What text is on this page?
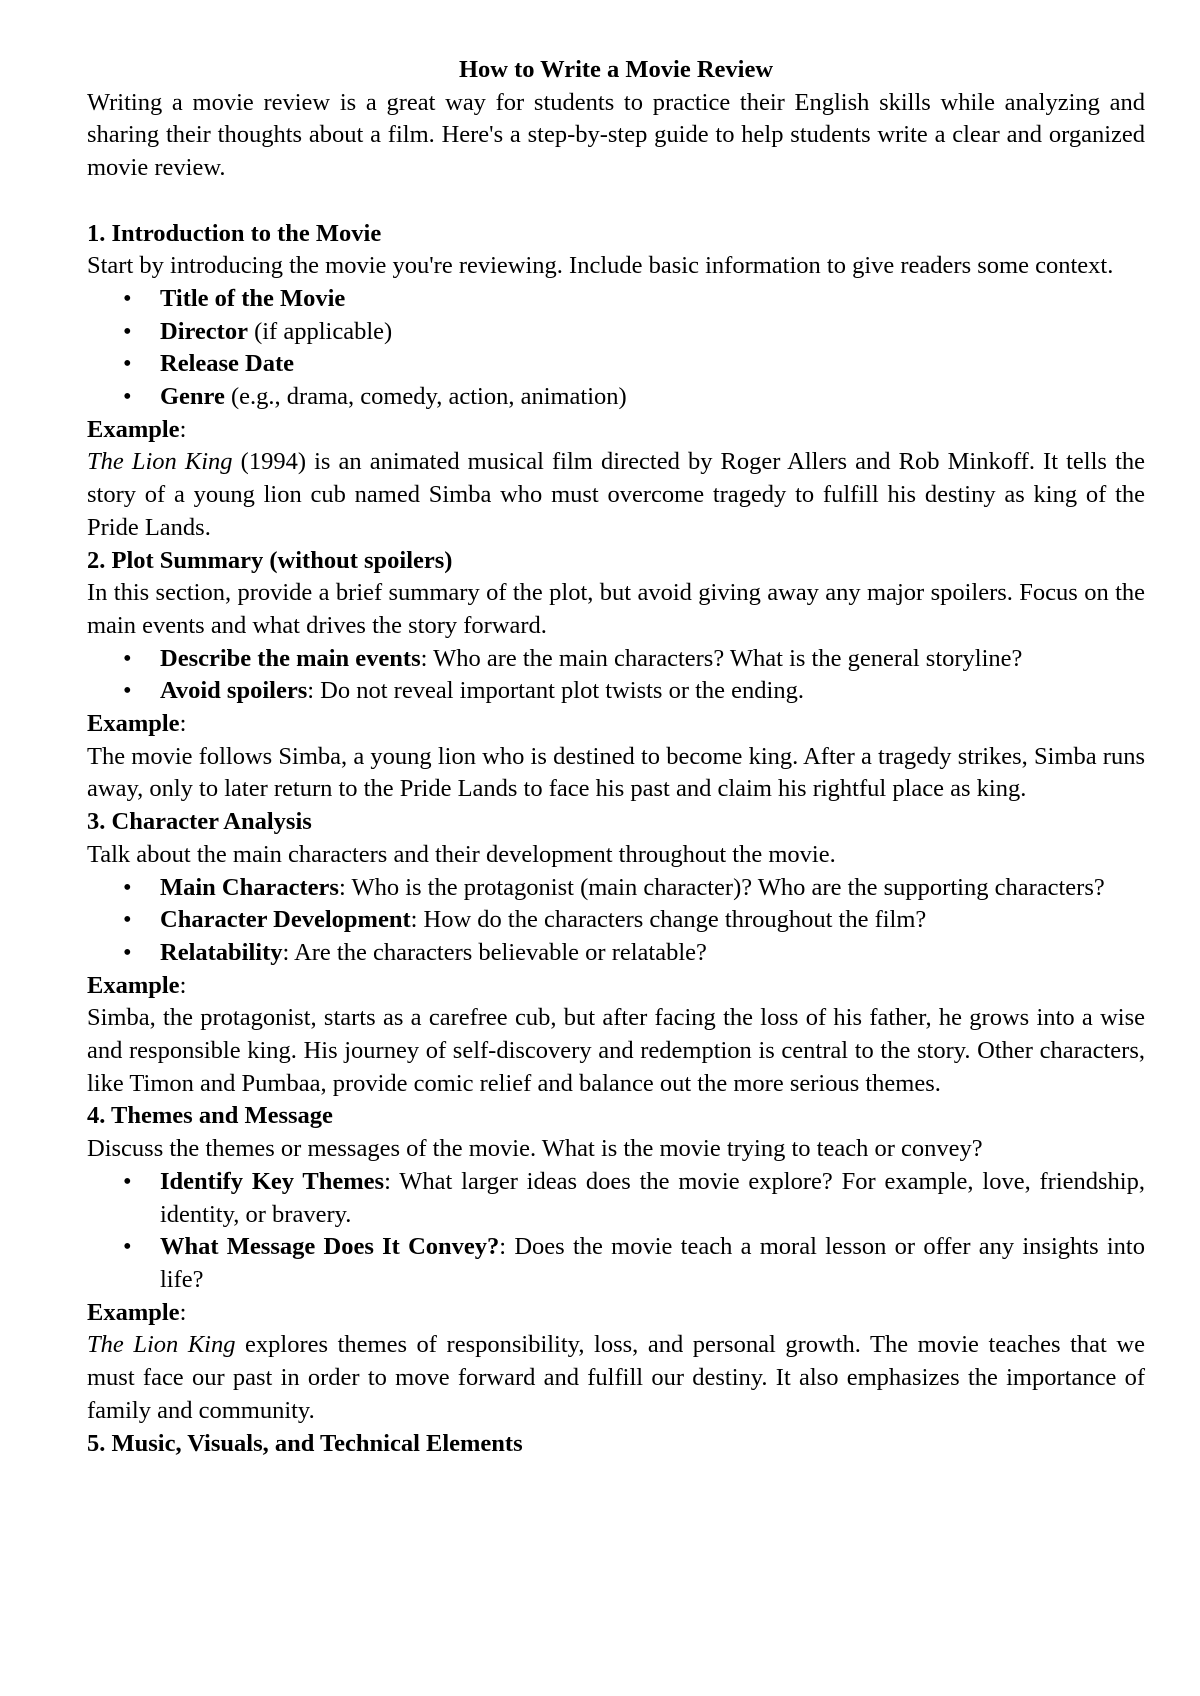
How to Write a Movie Review

Writing a movie review is a great way for students to practice their English skills while analyzing and sharing their thoughts about a film. Here's a step-by-step guide to help students write a clear and organized movie review.

1. Introduction to the Movie

Start by introducing the movie you're reviewing. Include basic information to give readers some context.

• Title of the Movie
• Director (if applicable)
• Release Date
• Genre (e.g., drama, comedy, action, animation)

Example:

The Lion King (1994) is an animated musical film directed by Roger Allers and Rob Minkoff. It tells the story of a young lion cub named Simba who must overcome tragedy to fulfill his destiny as king of the Pride Lands.

2. Plot Summary (without spoilers)

In this section, provide a brief summary of the plot, but avoid giving away any major spoilers. Focus on the main events and what drives the story forward.

• Describe the main events: Who are the main characters? What is the general storyline?
• Avoid spoilers: Do not reveal important plot twists or the ending.

Example:

The movie follows Simba, a young lion who is destined to become king. After a tragedy strikes, Simba runs away, only to later return to the Pride Lands to face his past and claim his rightful place as king.

3. Character Analysis

Talk about the main characters and their development throughout the movie.

• Main Characters: Who is the protagonist (main character)? Who are the supporting characters?
• Character Development: How do the characters change throughout the film?
• Relatability: Are the characters believable or relatable?

Example:

Simba, the protagonist, starts as a carefree cub, but after facing the loss of his father, he grows into a wise and responsible king. His journey of self-discovery and redemption is central to the story. Other characters, like Timon and Pumbaa, provide comic relief and balance out the more serious themes.

4. Themes and Message

Discuss the themes or messages of the movie. What is the movie trying to teach or convey?

• Identify Key Themes: What larger ideas does the movie explore? For example, love, friendship, identity, or bravery.
• What Message Does It Convey?: Does the movie teach a moral lesson or offer any insights into life?

Example:

The Lion King explores themes of responsibility, loss, and personal growth. The movie teaches that we must face our past in order to move forward and fulfill our destiny. It also emphasizes the importance of family and community.

5. Music, Visuals, and Technical Elements
